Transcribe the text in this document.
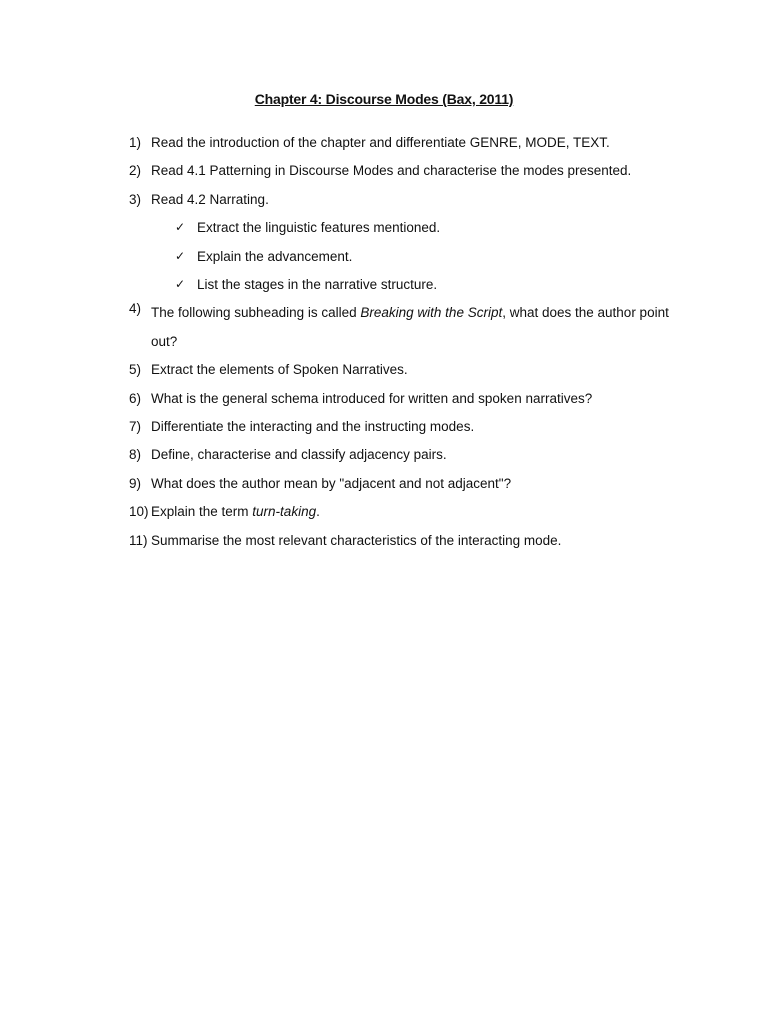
Chapter 4: Discourse Modes (Bax, 2011)
1) Read the introduction of the chapter and differentiate GENRE, MODE, TEXT.
2) Read 4.1 Patterning in Discourse Modes and characterise the modes presented.
3) Read 4.2 Narrating.
✓ Extract the linguistic features mentioned.
✓ Explain the advancement.
✓ List the stages in the narrative structure.
4) The following subheading is called Breaking with the Script, what does the author point out?
5) Extract the elements of Spoken Narratives.
6) What is the general schema introduced for written and spoken narratives?
7) Differentiate the interacting and the instructing modes.
8) Define, characterise and classify adjacency pairs.
9) What does the author mean by "adjacent and not adjacent"?
10) Explain the term turn-taking.
11) Summarise the most relevant characteristics of the interacting mode.
